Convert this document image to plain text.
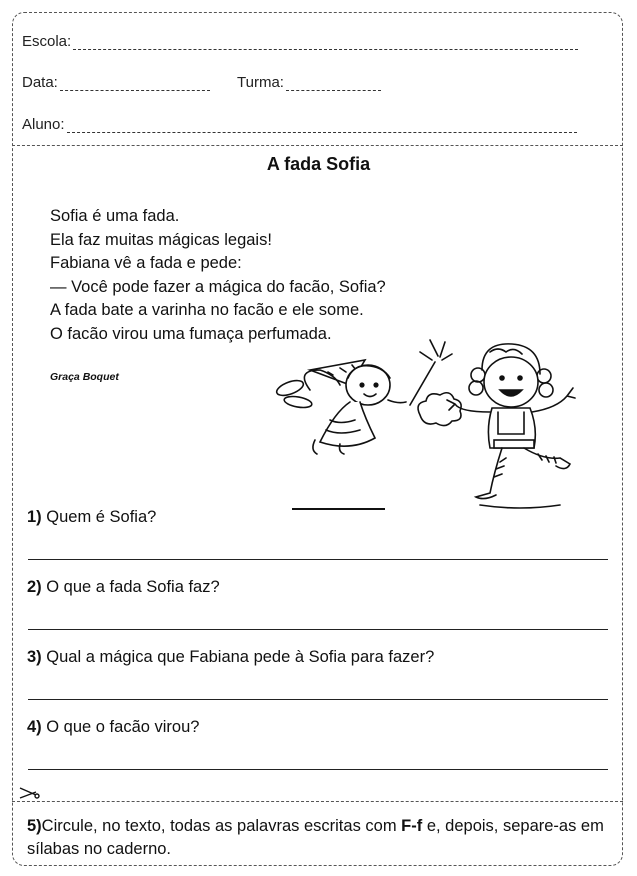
Escola:
Data:	Turma:
Aluno:
A fada Sofia
Sofia é uma fada.
Ela faz muitas mágicas legais!
Fabiana vê a fada e pede:
— Você pode fazer a mágica do facão, Sofia?
A fada bate a varinha no facão e ele some.
O facão virou uma fumaça perfumada.
Graça Boquet
1) Quem é Sofia?
2) O que a fada Sofia faz?
3) Qual a mágica que Fabiana pede à Sofia para fazer?
4) O que o facão virou?
5)Circule, no texto, todas as palavras escritas com F-f e, depois, separe-as em sílabas no caderno.
